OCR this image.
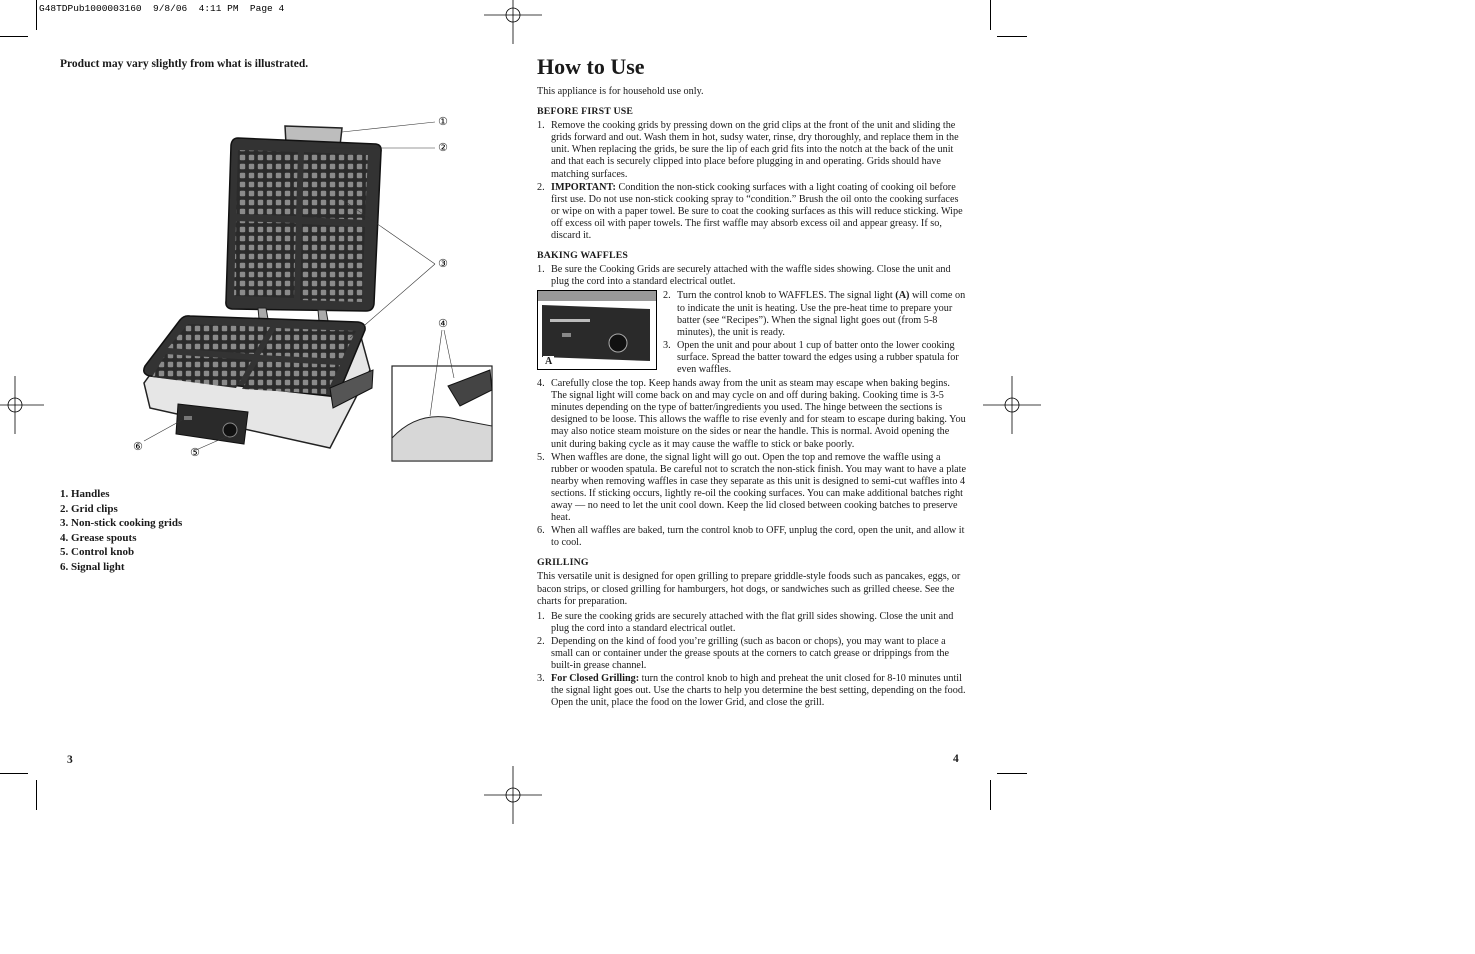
G48TDPub1000003160  9/8/06  4:11 PM  Page 4
Product may vary slightly from what is illustrated.
①
②
③
④
⑥	⑤
1. Handles
2. Grid clips
3. Non-stick cooking grids
4. Grease spouts
5. Control knob
6. Signal light
3
How to Use

This appliance is for household use only.

BEFORE FIRST USE
1. Remove the cooking grids by pressing down on the grid clips at the front of the unit and sliding the grids forward and out. Wash them in hot, sudsy water, rinse, dry thoroughly, and replace them in the unit. When replacing the grids, be sure the lip of each grid fits into the notch at the back of the unit and that each is securely clipped into place before plugging in and operating. Grids should have matching surfaces.
2. IMPORTANT: Condition the non-stick cooking surfaces with a light coating of cooking oil before first use. Do not use non-stick cooking spray to “condition.” Brush the oil onto the cooking surfaces or wipe on with a paper towel. Be sure to coat the cooking surfaces as this will reduce sticking. Wipe off excess oil with paper towels. The first waffle may absorb excess oil and appear greasy. If so, discard it.
BAKING WAFFLES
1. Be sure the Cooking Grids are securely attached with the waffle sides showing. Close the unit and plug the cord into a standard electrical outlet.
A
2. Turn the control knob to WAFFLES. The signal light (A) will come on to indicate the unit is heating. Use the pre-heat time to prepare your batter (see “Recipes”). When the signal light goes out (from 5-8 minutes), the unit is ready.
3. Open the unit and pour about 1 cup of batter onto the lower cooking surface. Spread the batter toward the edges using a rubber spatula for even waffles.
4. Carefully close the top. Keep hands away from the unit as steam may escape when baking begins. The signal light will come back on and may cycle on and off during baking. Cooking time is 3-5 minutes depending on the type of batter/ingredients you used. The hinge between the sections is designed to be loose. This allows the waffle to rise evenly and for steam to escape during baking. You may also notice steam moisture on the sides or near the handle. This is normal. Avoid opening the unit during baking cycle as it may cause the waffle to stick or bake poorly.
5. When waffles are done, the signal light will go out. Open the top and remove the waffle using a rubber or wooden spatula. Be careful not to scratch the non-stick finish. You may want to have a plate nearby when removing waffles in case they separate as this unit is designed to semi-cut waffles into 4 sections. If sticking occurs, lightly re-oil the cooking surfaces. You can make additional batches right away — no need to let the unit cool down. Keep the lid closed between cooking batches to preserve heat.
6. When all waffles are baked, turn the control knob to OFF, unplug the cord, open the unit, and allow it to cool.
GRILLING

This versatile unit is designed for open grilling to prepare griddle-style foods such as pancakes, eggs, or bacon strips, or closed grilling for hamburgers, hot dogs, or sandwiches such as grilled cheese. See the charts for preparation.

1. Be sure the cooking grids are securely attached with the flat grill sides showing. Close the unit and plug the cord into a standard electrical outlet.
2. Depending on the kind of food you’re grilling (such as bacon or chops), you may want to place a small can or container under the grease spouts at the corners to catch grease or drippings from the built-in grease channel.
3. For Closed Grilling: turn the control knob to high and preheat the unit closed for 8-10 minutes until the signal light goes out. Use the charts to help you determine the best setting, depending on the food. Open the unit, place the food on the lower Grid, and close the grill.
4
